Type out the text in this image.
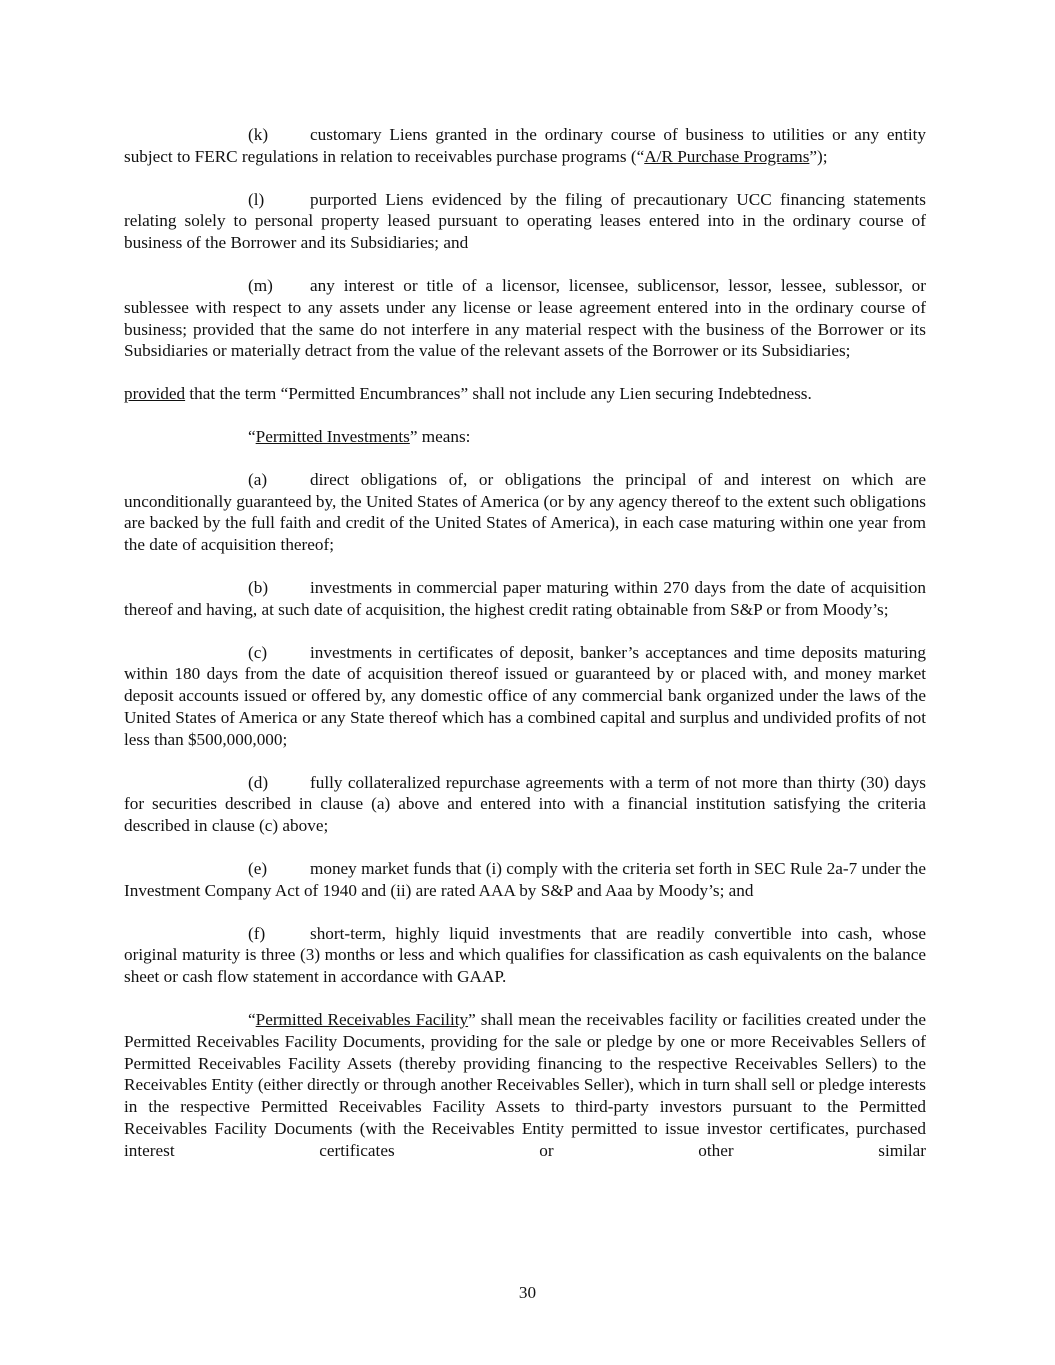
(k) customary Liens granted in the ordinary course of business to utilities or any entity subject to FERC regulations in relation to receivables purchase programs (“A/R Purchase Programs”);

(l)	purported Liens evidenced by the filing of precautionary UCC financing statements relating solely to personal property leased pursuant to operating leases entered into in the ordinary course of business of the Borrower and its Subsidiaries; and

(m) any interest or title of a licensor, licensee, sublicensor, lessor, lessee, sublessor, or sublessee with respect to any assets under any license or lease agreement entered into in the ordinary course of business; provided that the same do not interfere in any material respect with the business of the Borrower or its Subsidiaries or materially detract from the value of the relevant assets of the Borrower or its Subsidiaries;

provided that the term “Permitted Encumbrances” shall not include any Lien securing Indebtedness.

“Permitted Investments” means:

(a) direct obligations of, or obligations the principal of and interest on which are unconditionally guaranteed by, the United States of America (or by any agency thereof to the extent such obligations are backed by the full faith and credit of the United States of America), in each case maturing within one year from the date of acquisition thereof;

(b) investments in commercial paper maturing within 270 days from the date of acquisition thereof and having, at such date of acquisition, the highest credit rating obtainable from S&P or from Moody’s;

(c) investments in certificates of deposit, banker’s acceptances and time deposits maturing within 180 days from the date of acquisition thereof issued or guaranteed by or placed with, and money market deposit accounts issued or offered by, any domestic office of any commercial bank organized under the laws of the United States of America or any State thereof which has a combined capital and surplus and undivided profits of not less than $500,000,000;

(d) fully collateralized repurchase agreements with a term of not more than thirty (30) days for securities described in clause (a) above and entered into with a financial institution satisfying the criteria described in clause (c) above;

(e) money market funds that (i) comply with the criteria set forth in SEC Rule 2a-7 under the Investment Company Act of 1940 and (ii) are rated AAA by S&P and Aaa by Moody’s; and

(f)	short-term, highly liquid investments that are readily convertible into cash, whose original maturity is three (3) months or less and which qualifies for classification as cash equivalents on the balance sheet or cash flow statement in accordance with GAAP.

“Permitted Receivables Facility” shall mean the receivables facility or facilities created under the Permitted Receivables Facility Documents, providing for the sale or pledge by one or more Receivables Sellers of Permitted Receivables Facility Assets (thereby providing financing to the respective Receivables Sellers) to the Receivables Entity (either directly or through another Receivables Seller), which in turn shall sell or pledge interests in the respective Permitted Receivables Facility Assets to third-party investors pursuant to the Permitted Receivables Facility Documents (with the Receivables Entity permitted to issue investor certificates, purchased interest certificates or other similar

30
